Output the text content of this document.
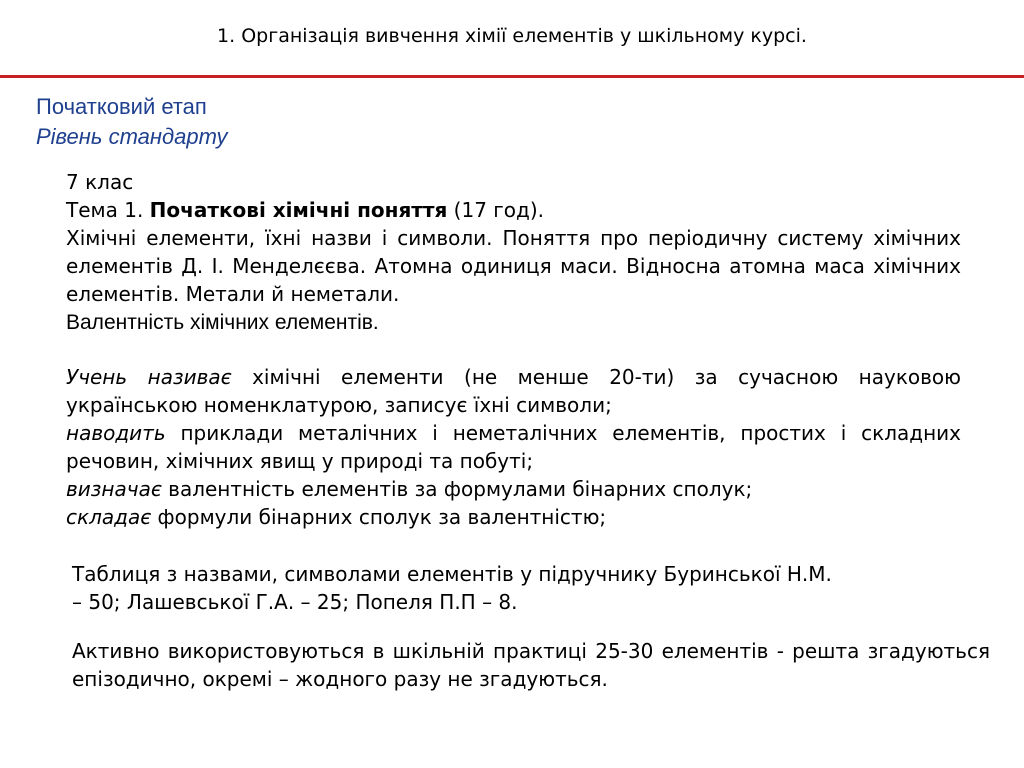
1. Організація вивчення хімії елементів у шкільному курсі.
Початковий етап
Рівень стандарту

7 клас

Тема 1. Початкові хімічні поняття (17 год).

Хімічні елементи, їхні назви і символи. Поняття про періодичну систему хімічних елементів Д. І. Менделєєва. Атомна одиниця маси. Відносна атомна маса хімічних елементів. Метали й неметали.

Валентність хімічних елементів.

Учень називає хімічні елементи (не менше 20-ти) за сучасною науковою українською номенклатурою, записує їхні символи;

наводить приклади металічних і неметалічних елементів, простих і складних речовин, хімічних явищ у природі та побуті;

визначає валентність елементів за формулами бінарних сполук;

складає формули бінарних сполук за валентністю;

Таблиця з назвами, символами елементів у підручнику Буринської Н.М.

– 50; Лашевської Г.А. – 25; Попеля П.П – 8.

Активно використовуються в шкільній практиці 25-30 елементів - решта згадуються епізодично, окремі – жодного разу не згадуються.
